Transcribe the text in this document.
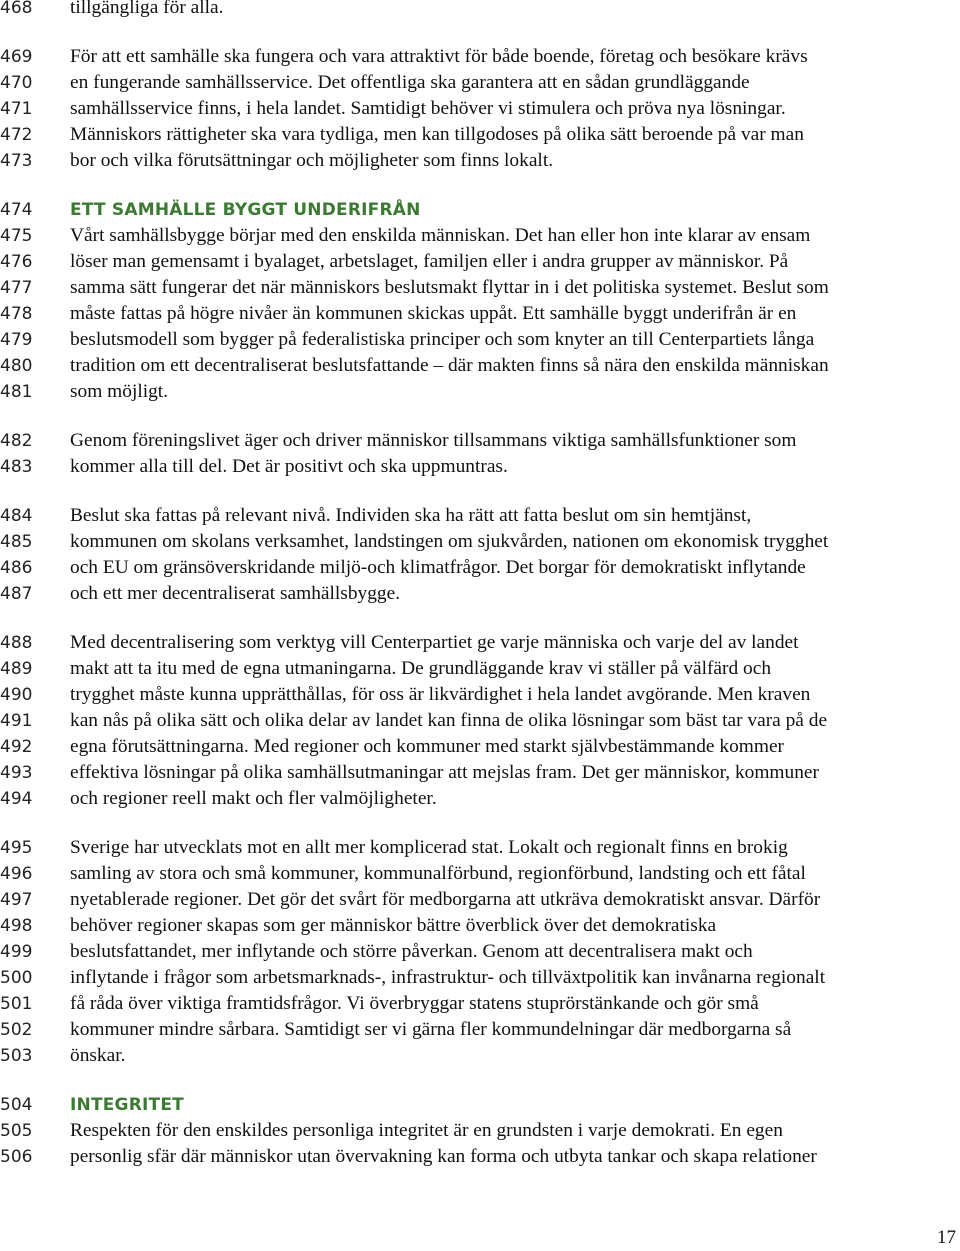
468	tillgängliga för alla.
469	För att ett samhälle ska fungera och vara attraktivt för både boende, företag och besökare krävs
470	en fungerande samhällsservice. Det offentliga ska garantera att en sådan grundläggande
471	samhällsservice finns, i hela landet. Samtidigt behöver vi stimulera och pröva nya lösningar.
472	Människors rättigheter ska vara tydliga, men kan tillgodoses på olika sätt beroende på var man
473	bor och vilka förutsättningar och möjligheter som finns lokalt.
474	ETT SAMHÄLLE BYGGT UNDERIFRÅN
475	Vårt samhällsbygge börjar med den enskilda människan. Det han eller hon inte klarar av ensam
476	löser man gemensamt i byalaget, arbetslaget, familjen eller i andra grupper av människor. På
477	samma sätt fungerar det när människors beslutsmakt flyttar in i det politiska systemet. Beslut som
478	måste fattas på högre nivåer än kommunen skickas uppåt. Ett samhälle byggt underifrån är en
479	beslutsmodell som bygger på federalistiska principer och som knyter an till Centerpartiets långa
480	tradition om ett decentraliserat beslutsfattande – där makten finns så nära den enskilda människan
481	som möjligt.
482	Genom föreningslivet äger och driver människor tillsammans viktiga samhällsfunktioner som
483	kommer alla till del. Det är positivt och ska uppmuntras.
484	Beslut ska fattas på relevant nivå. Individen ska ha rätt att fatta beslut om sin hemtjänst,
485	kommunen om skolans verksamhet, landstingen om sjukvården, nationen om ekonomisk trygghet
486	och EU om gränsöverskridande miljö-och klimatfrågor. Det borgar för demokratiskt inflytande
487	och ett mer decentraliserat samhällsbygge.
488	Med decentralisering som verktyg vill Centerpartiet ge varje människa och varje del av landet
489	makt att ta itu med de egna utmaningarna. De grundläggande krav vi ställer på välfärd och
490	trygghet måste kunna upprätthållas, för oss är likvärdighet i hela landet avgörande. Men kraven
491	kan nås på olika sätt och olika delar av landet kan finna de olika lösningar som bäst tar vara på de
492	egna förutsättningarna. Med regioner och kommuner med starkt självbestämmande kommer
493	effektiva lösningar på olika samhällsutmaningar att mejslas fram. Det ger människor, kommuner
494	och regioner reell makt och fler valmöjligheter.
495	Sverige har utvecklats mot en allt mer komplicerad stat. Lokalt och regionalt finns en brokig
496	samling av stora och små kommuner, kommunalförbund, regionförbund, landsting och ett fåtal
497	nyetablerade regioner. Det gör det svårt för medborgarna att utkräva demokratiskt ansvar. Därför
498	behöver regioner skapas som ger människor bättre överblick över det demokratiska
499	beslutsfattandet, mer inflytande och större påverkan. Genom att decentralisera makt och
500	inflytande i frågor som arbetsmarknads-, infrastruktur- och tillväxtpolitik kan invånarna regionalt
501	få råda över viktiga framtidsfrågor. Vi överbryggar statens stuprörstänkande och gör små
502	kommuner mindre sårbara. Samtidigt ser vi gärna fler kommundelningar där medborgarna så
503	önskar.
504	INTEGRITET
505	Respekten för den enskildes personliga integritet är en grundsten i varje demokrati. En egen
506	personlig sfär där människor utan övervakning kan forma och utbyta tankar och skapa relationer
17
